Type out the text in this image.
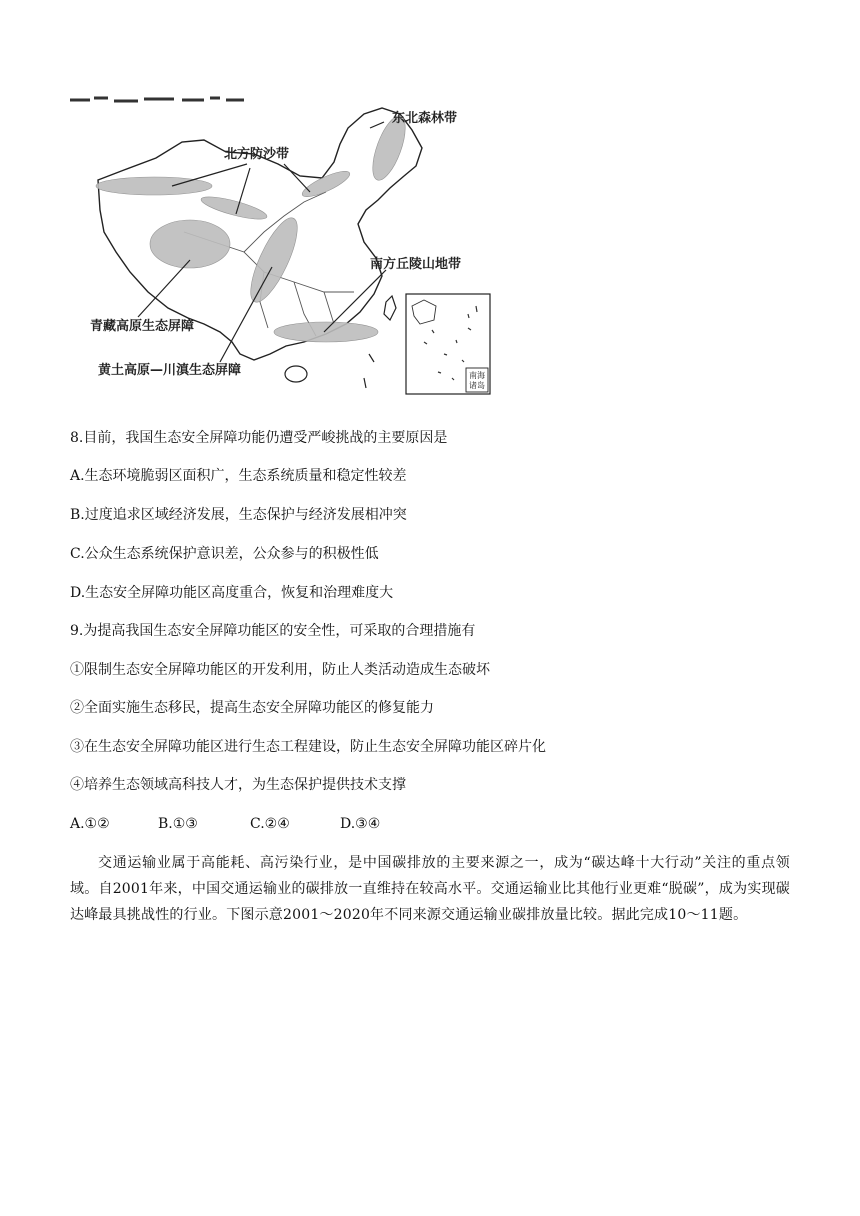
南海
诸岛
东北森林带
北方防沙带
南方丘陵山地带
青藏高原生态屏障
黄土高原—川滇生态屏障
8.目前，我国生态安全屏障功能仍遭受严峻挑战的主要原因是
A.生态环境脆弱区面积广，生态系统质量和稳定性较差
B.过度追求区域经济发展，生态保护与经济发展相冲突
C.公众生态系统保护意识差，公众参与的积极性低
D.生态安全屏障功能区高度重合，恢复和治理难度大
9.为提高我国生态安全屏障功能区的安全性，可采取的合理措施有
①限制生态安全屏障功能区的开发利用，防止人类活动造成生态破坏
②全面实施生态移民，提高生态安全屏障功能区的修复能力
③在生态安全屏障功能区进行生态工程建设，防止生态安全屏障功能区碎片化
④培养生态领域高科技人才，为生态保护提供技术支撑
A.①②	B.①③	C.②④	D.③④
交通运输业属于高能耗、高污染行业，是中国碳排放的主要来源之一，成为“碳达峰十大行动”关注的重点领域。自2001年来，中国交通运输业的碳排放一直维持在较高水平。交通运输业比其他行业更难“脱碳”，成为实现碳达峰最具挑战性的行业。下图示意2001～2020年不同来源交通运输业碳排放量比较。据此完成10～11题。
